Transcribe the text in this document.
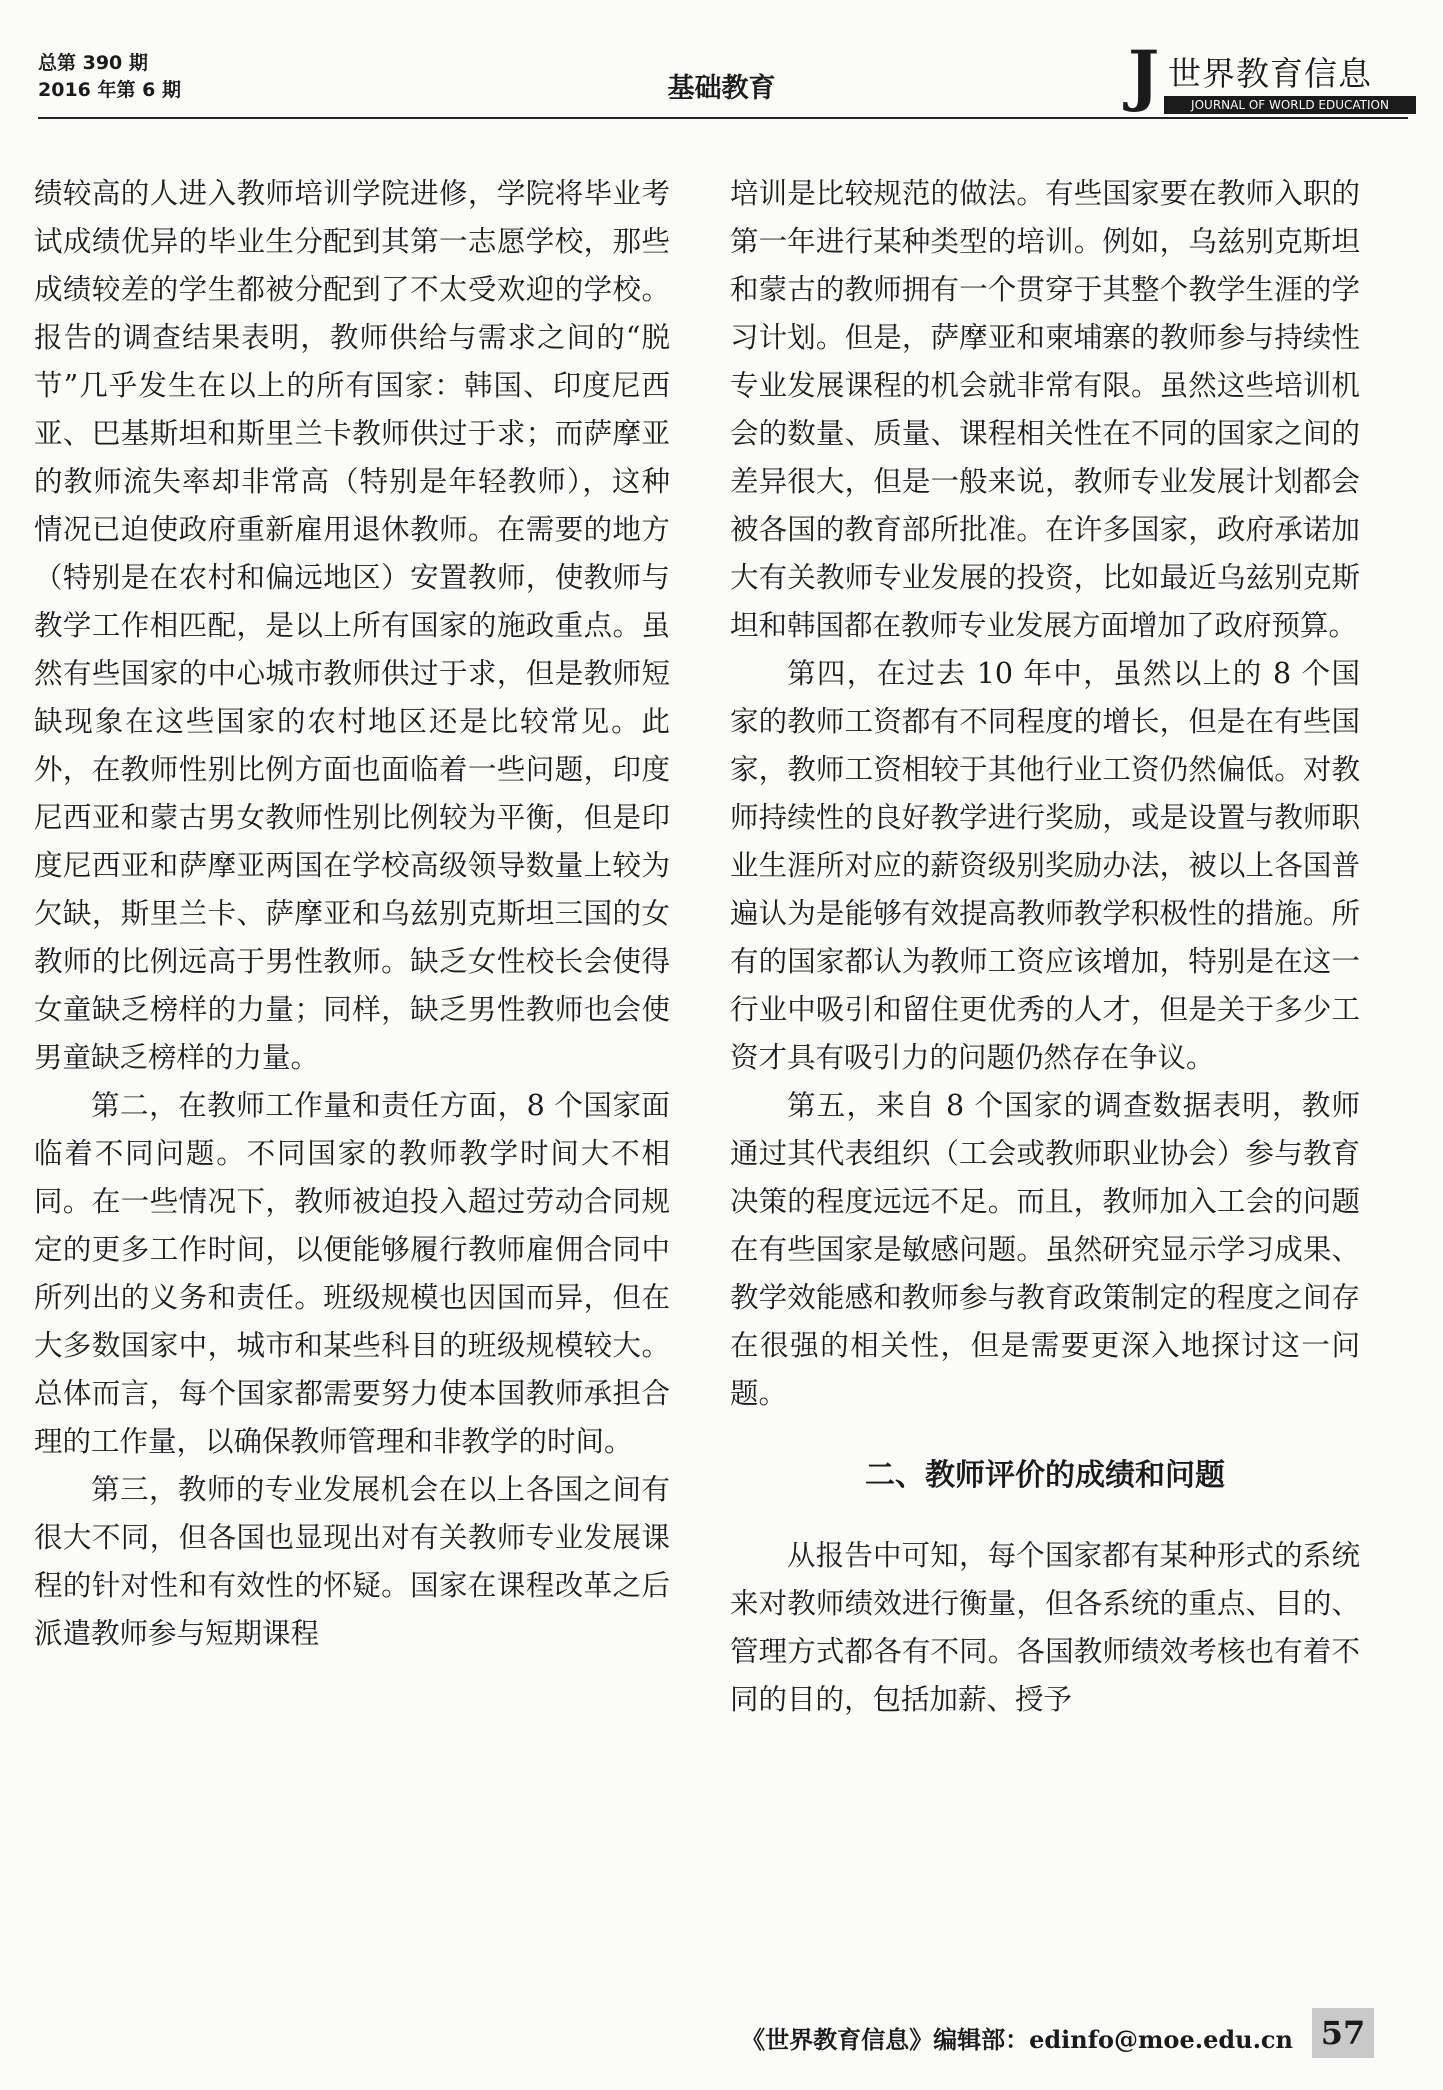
总第 390 期
2016 年第 6 期	基础教育	J 世界教育信息
JOURNAL OF WORLD EDUCATION

绩较高的人进入教师培训学院进修，学院将毕业考试成绩优异的毕业生分配到其第一志愿学校，那些成绩较差的学生都被分配到了不太受欢迎的学校。报告的调查结果表明，教师供给与需求之间的“脱节”几乎发生在以上的所有国家：韩国、印度尼西亚、巴基斯坦和斯里兰卡教师供过于求；而萨摩亚的教师流失率却非常高（特别是年轻教师），这种情况已迫使政府重新雇用退休教师。在需要的地方（特别是在农村和偏远地区）安置教师，使教师与教学工作相匹配，是以上所有国家的施政重点。虽然有些国家的中心城市教师供过于求，但是教师短缺现象在这些国家的农村地区还是比较常见。此外，在教师性别比例方面也面临着一些问题，印度尼西亚和蒙古男女教师性别比例较为平衡，但是印度尼西亚和萨摩亚两国在学校高级领导数量上较为欠缺，斯里兰卡、萨摩亚和乌兹别克斯坦三国的女教师的比例远高于男性教师。缺乏女性校长会使得女童缺乏榜样的力量；同样，缺乏男性教师也会使男童缺乏榜样的力量。

第二，在教师工作量和责任方面，8 个国家面临着不同问题。不同国家的教师教学时间大不相同。在一些情况下，教师被迫投入超过劳动合同规定的更多工作时间，以便能够履行教师雇佣合同中所列出的义务和责任。班级规模也因国而异，但在大多数国家中，城市和某些科目的班级规模较大。总体而言，每个国家都需要努力使本国教师承担合理的工作量，以确保教师管理和非教学的时间。

第三，教师的专业发展机会在以上各国之间有很大不同，但各国也显现出对有关教师专业发展课程的针对性和有效性的怀疑。国家在课程改革之后派遣教师参与短期课程

培训是比较规范的做法。有些国家要在教师入职的第一年进行某种类型的培训。例如，乌兹别克斯坦和蒙古的教师拥有一个贯穿于其整个教学生涯的学习计划。但是，萨摩亚和柬埔寨的教师参与持续性专业发展课程的机会就非常有限。虽然这些培训机会的数量、质量、课程相关性在不同的国家之间的差异很大，但是一般来说，教师专业发展计划都会被各国的教育部所批准。在许多国家，政府承诺加大有关教师专业发展的投资，比如最近乌兹别克斯坦和韩国都在教师专业发展方面增加了政府预算。

第四，在过去 10 年中，虽然以上的 8 个国家的教师工资都有不同程度的增长，但是在有些国家，教师工资相较于其他行业工资仍然偏低。对教师持续性的良好教学进行奖励，或是设置与教师职业生涯所对应的薪资级别奖励办法，被以上各国普遍认为是能够有效提高教师教学积极性的措施。所有的国家都认为教师工资应该增加，特别是在这一行业中吸引和留住更优秀的人才，但是关于多少工资才具有吸引力的问题仍然存在争议。

第五，来自 8 个国家的调查数据表明，教师通过其代表组织（工会或教师职业协会）参与教育决策的程度远远不足。而且，教师加入工会的问题在有些国家是敏感问题。虽然研究显示学习成果、教学效能感和教师参与教育政策制定的程度之间存在很强的相关性，但是需要更深入地探讨这一问题。

二、教师评价的成绩和问题

从报告中可知，每个国家都有某种形式的系统来对教师绩效进行衡量，但各系统的重点、目的、管理方式都各有不同。各国教师绩效考核也有着不同的目的，包括加薪、授予

《世界教育信息》编辑部：edinfo@moe.edu.cn 57
